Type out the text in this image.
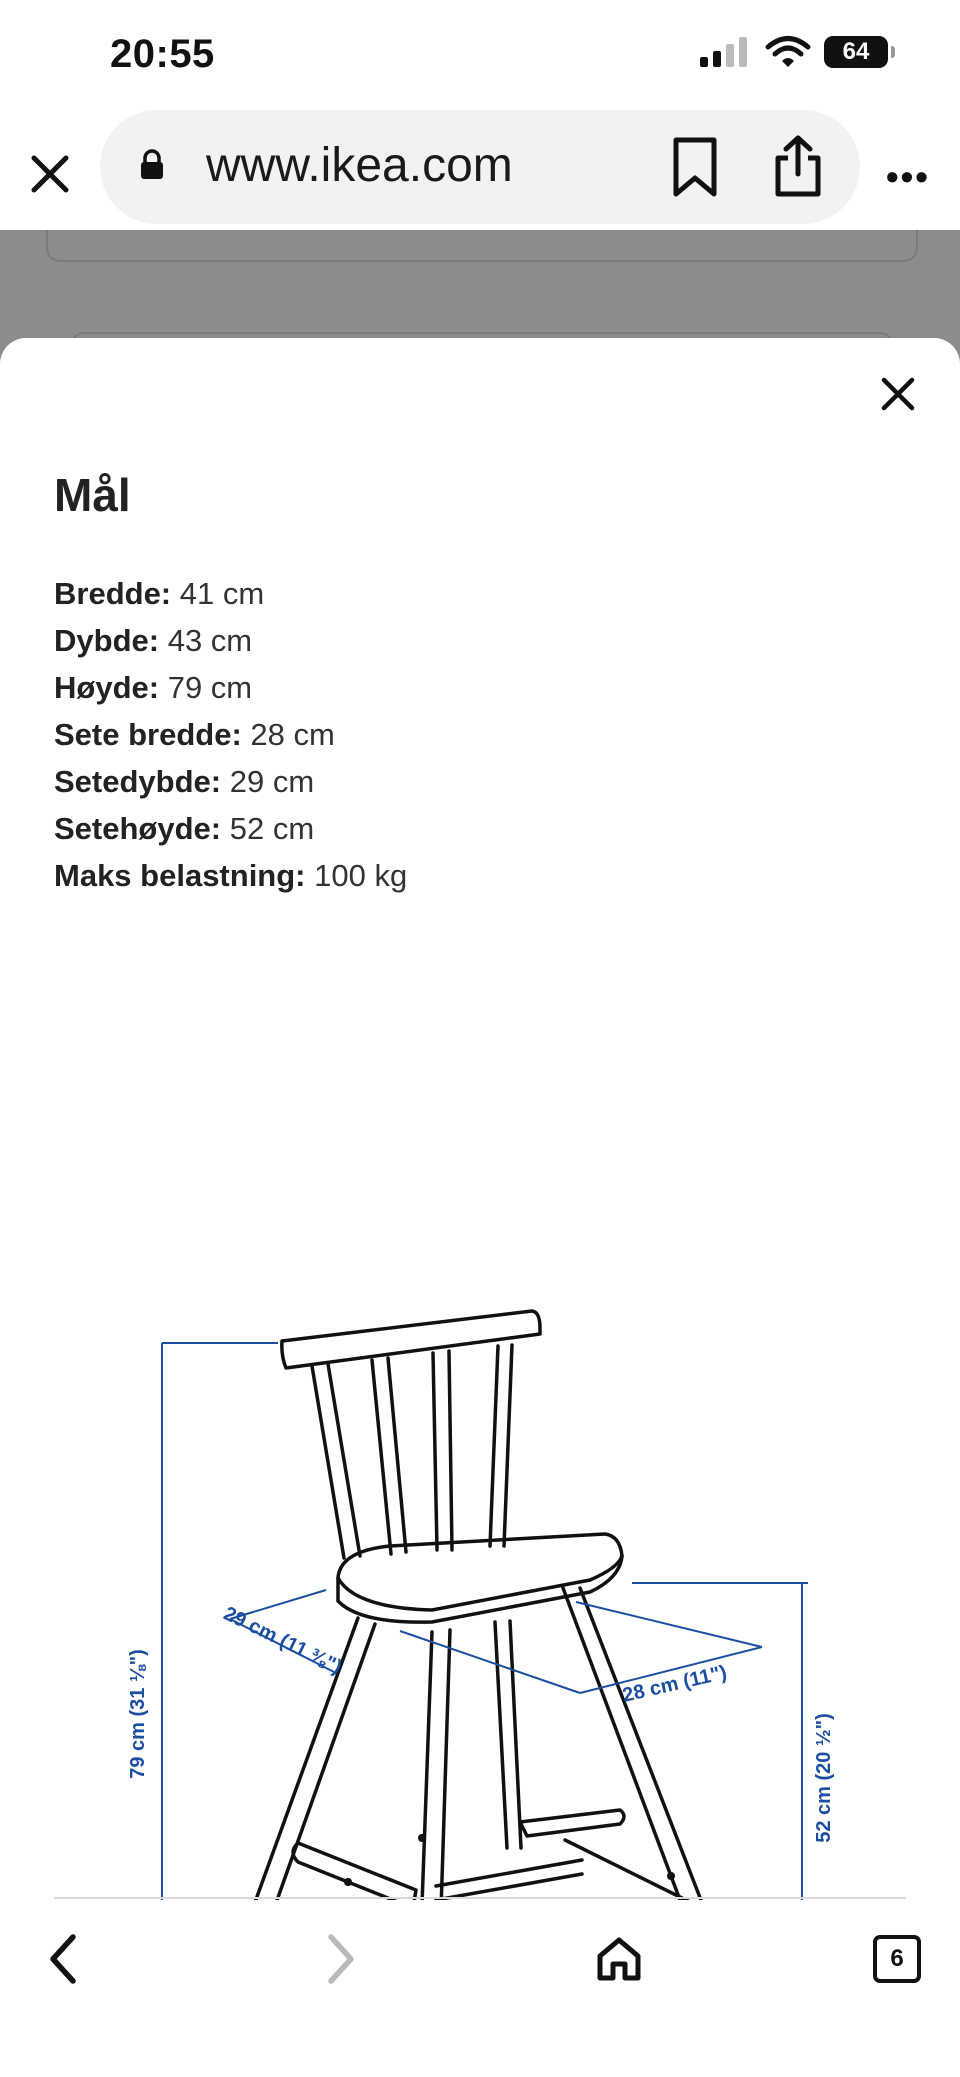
20:55	64
www.ikea.com	•••
Mål
Bredde: 41 cm
Dybde: 43 cm
Høyde: 79 cm
Sete bredde: 28 cm
Setedybde: 29 cm
Setehøyde: 52 cm
Maks belastning: 100 kg
79 cm (31 ⅛")
29 cm (11 ⅜")
28 cm (11")
52 cm (20 ½")
6
